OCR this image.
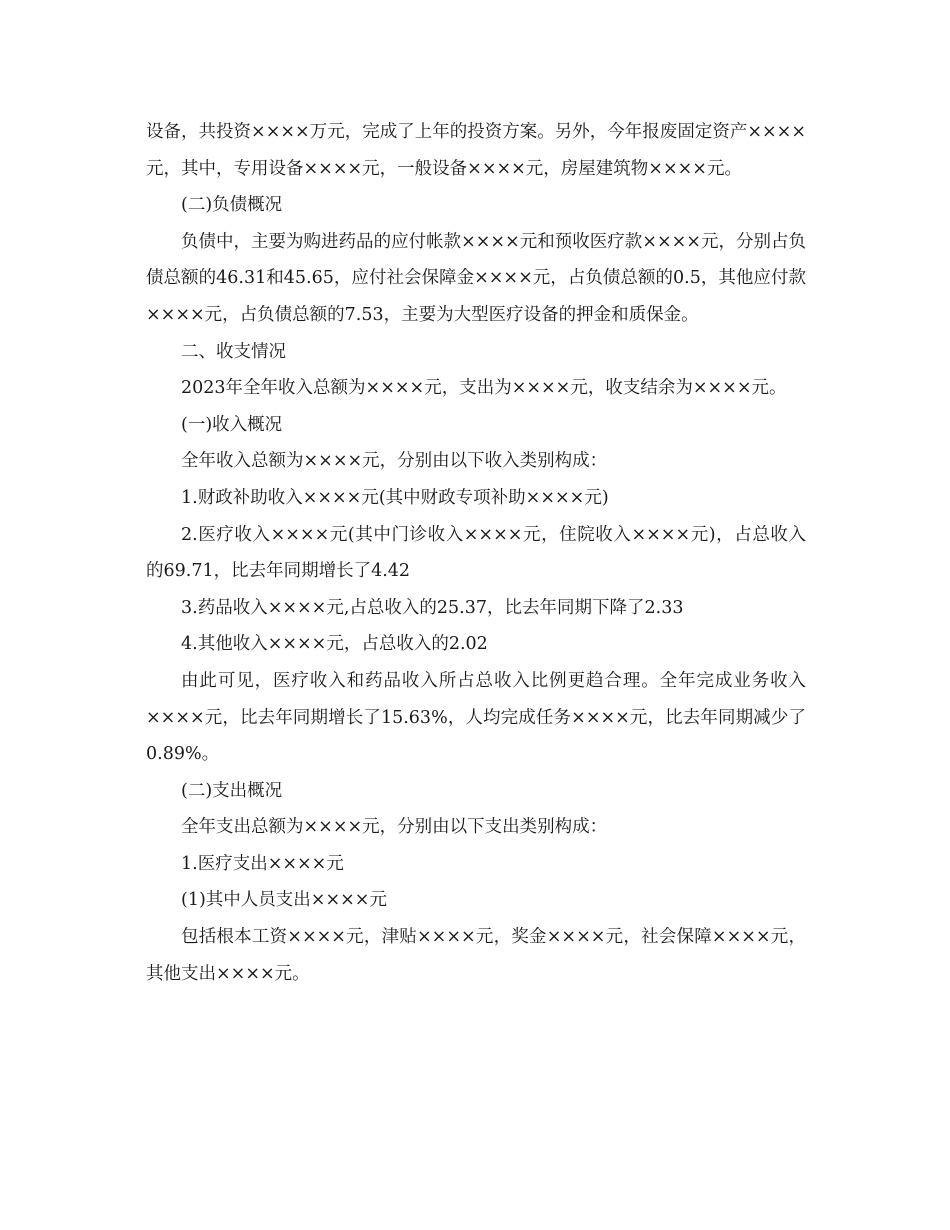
设备，共投资××××万元，完成了上年的投资方案。另外，今年报废固定资产××××元，其中，专用设备××××元，一般设备××××元，房屋建筑物××××元。

(二)负债概况

负债中，主要为购进药品的应付帐款××××元和预收医疗款××××元，分别占负债总额的46.31和45.65，应付社会保障金××××元，占负债总额的0.5，其他应付款××××元，占负债总额的7.53，主要为大型医疗设备的押金和质保金。

二、收支情况

2023年全年收入总额为××××元，支出为××××元，收支结余为××××元。

(一)收入概况

全年收入总额为××××元，分别由以下收入类别构成：

1.财政补助收入××××元(其中财政专项补助××××元)

2.医疗收入××××元(其中门诊收入××××元，住院收入××××元)，占总收入的69.71，比去年同期增长了4.42

3.药品收入××××元,占总收入的25.37，比去年同期下降了2.33

4.其他收入××××元，占总收入的2.02

由此可见，医疗收入和药品收入所占总收入比例更趋合理。全年完成业务收入××××元，比去年同期增长了15.63%，人均完成任务××××元，比去年同期减少了0.89%。

(二)支出概况

全年支出总额为××××元，分别由以下支出类别构成：

1.医疗支出××××元

(1)其中人员支出××××元

包括根本工资××××元，津贴××××元，奖金××××元，社会保障××××元，其他支出××××元。
